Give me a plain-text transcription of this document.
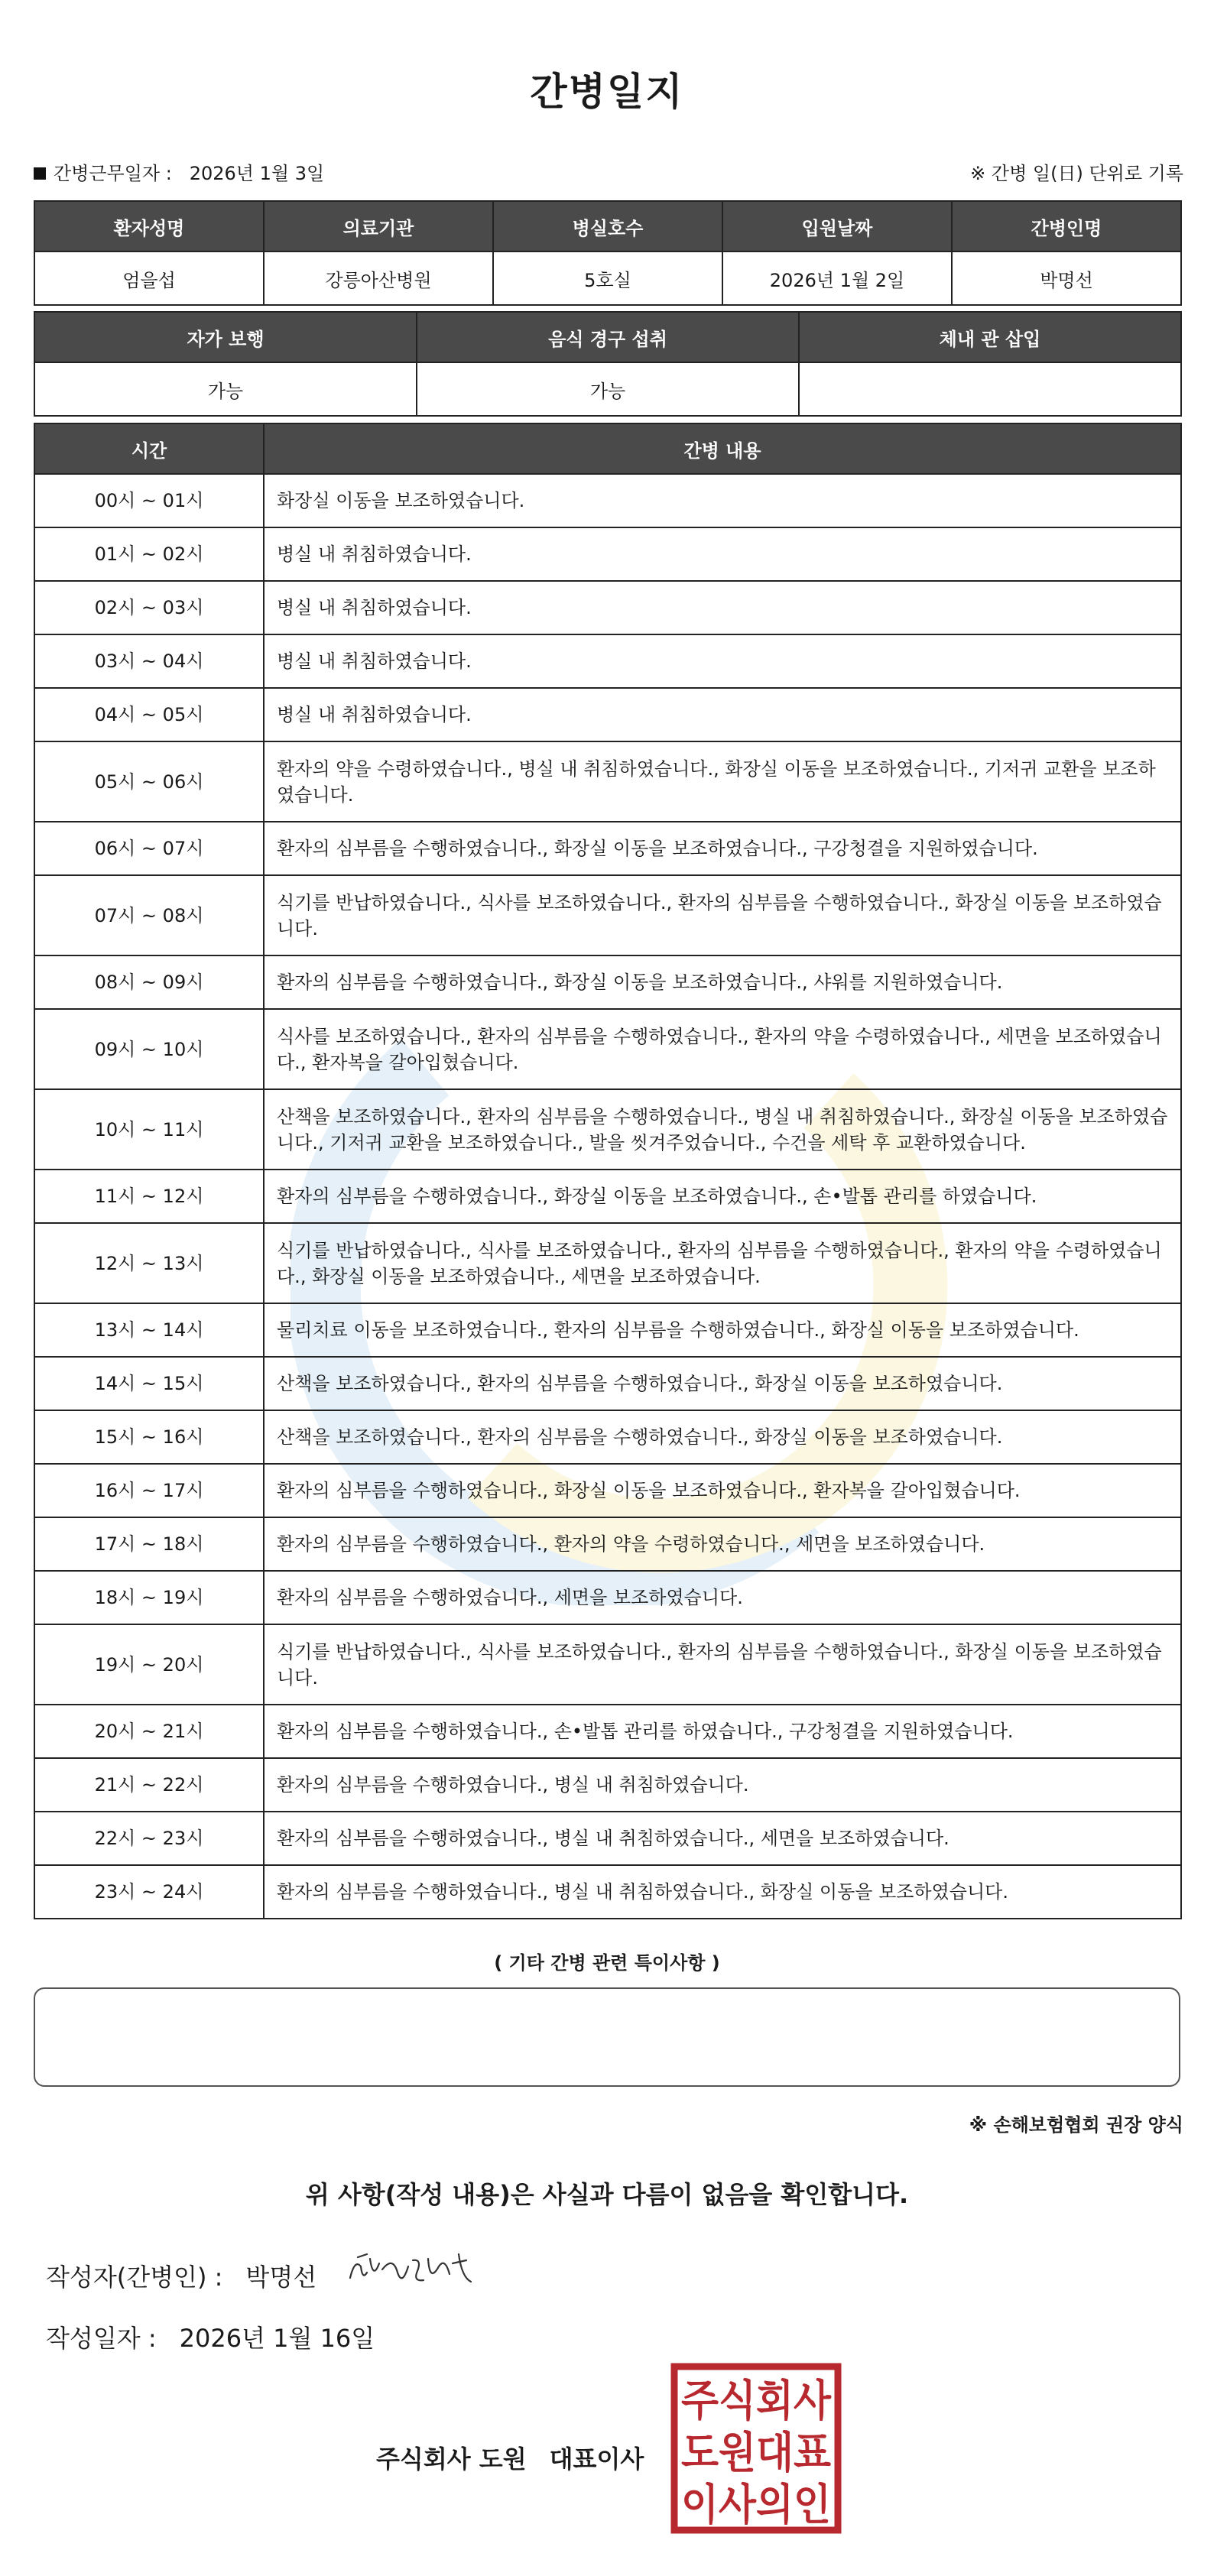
간병일지
간병근무일자 : 2026년 1월 3일	※ 간병 일(日) 단위로 기록
환자성명	의료기관	병실호수	입원날짜	간병인명
엄을섭	강릉아산병원	5호실	2026년 1월 2일	박명선
자가 보행	음식 경구 섭취	체내 관 삽입
가능	가능	
시간	간병 내용
00시 ~ 01시	화장실 이동을 보조하였습니다.
01시 ~ 02시	병실 내 취침하였습니다.
02시 ~ 03시	병실 내 취침하였습니다.
03시 ~ 04시	병실 내 취침하였습니다.
04시 ~ 05시	병실 내 취침하였습니다.
05시 ~ 06시	환자의 약을 수령하였습니다., 병실 내 취침하였습니다., 화장실 이동을 보조하였습니다., 기저귀 교환을 보조하였습니다.
06시 ~ 07시	환자의 심부름을 수행하였습니다., 화장실 이동을 보조하였습니다., 구강청결을 지원하였습니다.
07시 ~ 08시	식기를 반납하였습니다., 식사를 보조하였습니다., 환자의 심부름을 수행하였습니다., 화장실 이동을 보조하였습니다.
08시 ~ 09시	환자의 심부름을 수행하였습니다., 화장실 이동을 보조하였습니다., 샤워를 지원하였습니다.
09시 ~ 10시	식사를 보조하였습니다., 환자의 심부름을 수행하였습니다., 환자의 약을 수령하였습니다., 세면을 보조하였습니다., 환자복을 갈아입혔습니다.
10시 ~ 11시	산책을 보조하였습니다., 환자의 심부름을 수행하였습니다., 병실 내 취침하였습니다., 화장실 이동을 보조하였습니다., 기저귀 교환을 보조하였습니다., 발을 씻겨주었습니다., 수건을 세탁 후 교환하였습니다.
11시 ~ 12시	환자의 심부름을 수행하였습니다., 화장실 이동을 보조하였습니다., 손•발톱 관리를 하였습니다.
12시 ~ 13시	식기를 반납하였습니다., 식사를 보조하였습니다., 환자의 심부름을 수행하였습니다., 환자의 약을 수령하였습니다., 화장실 이동을 보조하였습니다., 세면을 보조하였습니다.
13시 ~ 14시	물리치료 이동을 보조하였습니다., 환자의 심부름을 수행하였습니다., 화장실 이동을 보조하였습니다.
14시 ~ 15시	산책을 보조하였습니다., 환자의 심부름을 수행하였습니다., 화장실 이동을 보조하였습니다.
15시 ~ 16시	산책을 보조하였습니다., 환자의 심부름을 수행하였습니다., 화장실 이동을 보조하였습니다.
16시 ~ 17시	환자의 심부름을 수행하였습니다., 화장실 이동을 보조하였습니다., 환자복을 갈아입혔습니다.
17시 ~ 18시	환자의 심부름을 수행하였습니다., 환자의 약을 수령하였습니다., 세면을 보조하였습니다.
18시 ~ 19시	환자의 심부름을 수행하였습니다., 세면을 보조하였습니다.
19시 ~ 20시	식기를 반납하였습니다., 식사를 보조하였습니다., 환자의 심부름을 수행하였습니다., 화장실 이동을 보조하였습니다.
20시 ~ 21시	환자의 심부름을 수행하였습니다., 손•발톱 관리를 하였습니다., 구강청결을 지원하였습니다.
21시 ~ 22시	환자의 심부름을 수행하였습니다., 병실 내 취침하였습니다.
22시 ~ 23시	환자의 심부름을 수행하였습니다., 병실 내 취침하였습니다., 세면을 보조하였습니다.
23시 ~ 24시	환자의 심부름을 수행하였습니다., 병실 내 취침하였습니다., 화장실 이동을 보조하였습니다.
( 기타 간병 관련 특이사항 )
※ 손해보험협회 권장 양식
위 사항(작성 내용)은 사실과 다름이 없음을 확인합니다.
작성자(간병인) : 박명선
작성일자 : 2026년 1월 16일
주식회사 도원 대표이사
주식회사
도원대표
이사의인
